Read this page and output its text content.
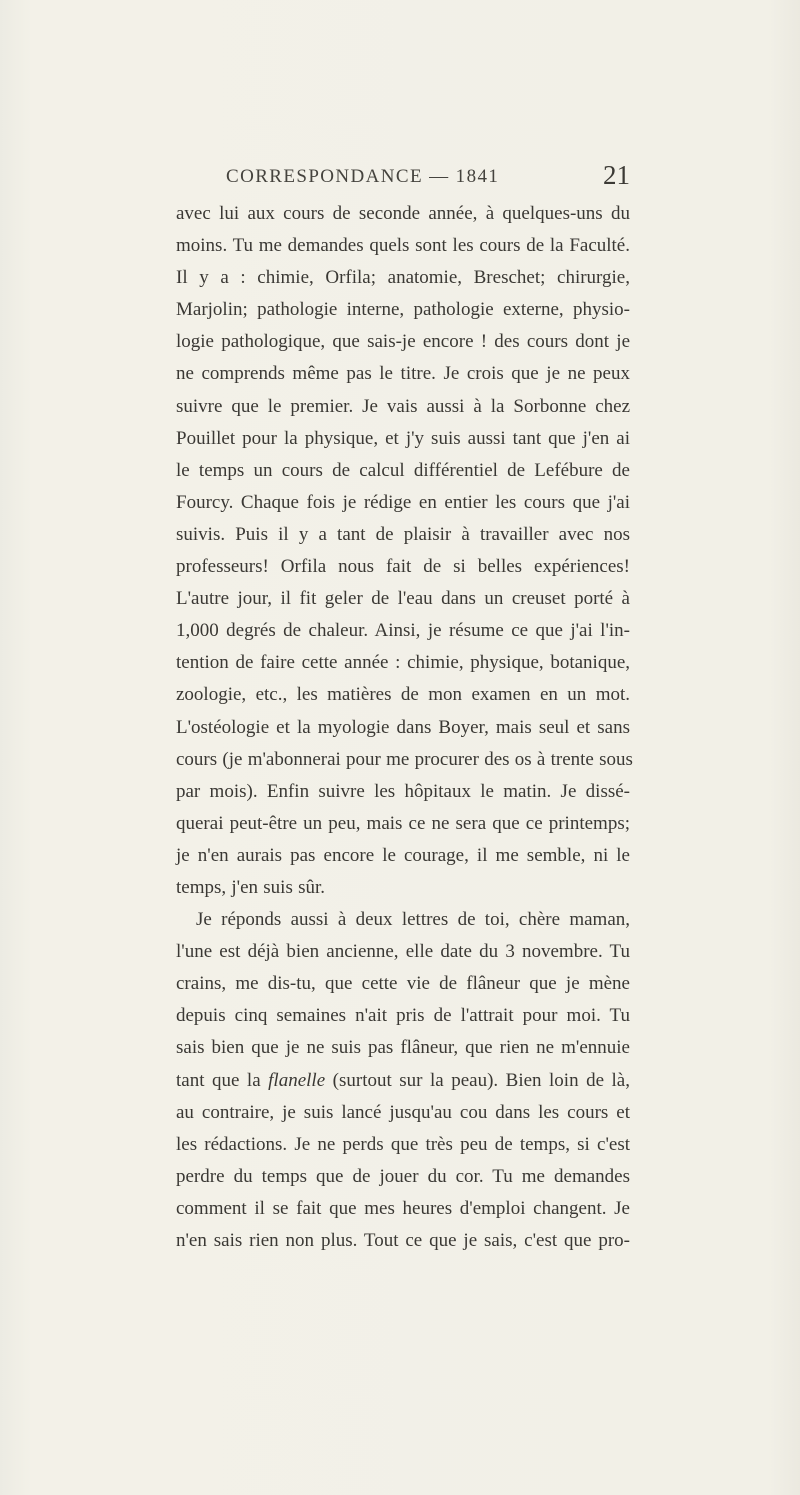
CORRESPONDANCE — 1841	21
avec lui aux cours de seconde année, à quelques-uns du
moins. Tu me demandes quels sont les cours de la Faculté.
Il y a : chimie, Orfila; anatomie, Breschet; chirurgie,
Marjolin; pathologie interne, pathologie externe, physio-
logie pathologique, que sais-je encore ! des cours dont je
ne comprends même pas le titre. Je crois que je ne peux
suivre que le premier. Je vais aussi à la Sorbonne chez
Pouillet pour la physique, et j'y suis aussi tant que j'en ai
le temps un cours de calcul différentiel de Lefébure de
Fourcy. Chaque fois je rédige en entier les cours que j'ai
suivis. Puis il y a tant de plaisir à travailler avec nos
professeurs! Orfila nous fait de si belles expériences!
L'autre jour, il fit geler de l'eau dans un creuset porté à
1,000 degrés de chaleur. Ainsi, je résume ce que j'ai l'in-
tention de faire cette année : chimie, physique, botanique,
zoologie, etc., les matières de mon examen en un mot.
L'ostéologie et la myologie dans Boyer, mais seul et sans
cours (je m'abonnerai pour me procurer des os à trente sous
par mois). Enfin suivre les hôpitaux le matin. Je dissé-
querai peut-être un peu, mais ce ne sera que ce printemps;
je n'en aurais pas encore le courage, il me semble, ni le
temps, j'en suis sûr.
Je réponds aussi à deux lettres de toi, chère maman,
l'une est déjà bien ancienne, elle date du 3 novembre. Tu
crains, me dis-tu, que cette vie de flâneur que je mène
depuis cinq semaines n'ait pris de l'attrait pour moi. Tu
sais bien que je ne suis pas flâneur, que rien ne m'ennuie
tant que la flanelle (surtout sur la peau). Bien loin de là,
au contraire, je suis lancé jusqu'au cou dans les cours et
les rédactions. Je ne perds que très peu de temps, si c'est
perdre du temps que de jouer du cor. Tu me demandes
comment il se fait que mes heures d'emploi changent. Je
n'en sais rien non plus. Tout ce que je sais, c'est que pro-
